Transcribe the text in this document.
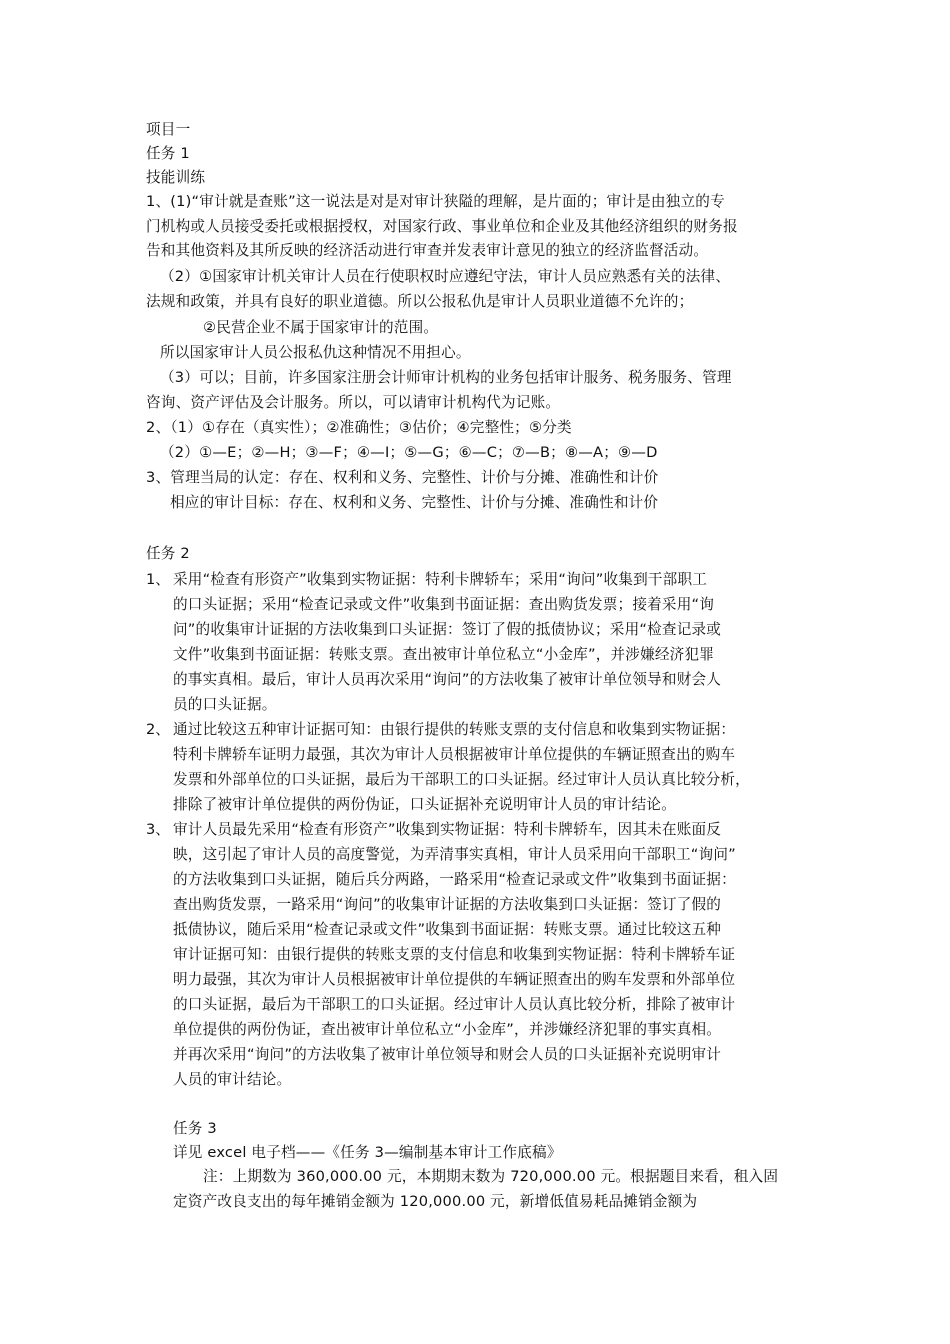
项目一
任务 1
技能训练
1、(1)“审计就是查账”这一说法是对是对审计狭隘的理解，是片面的；审计是由独立的专
门机构或人员接受委托或根据授权，对国家行政、事业单位和企业及其他经济组织的财务报
告和其他资料及其所反映的经济活动进行审查并发表审计意见的独立的经济监督活动。
（2）①国家审计机关审计人员在行使职权时应遵纪守法，审计人员应熟悉有关的法律、
法规和政策，并具有良好的职业道德。所以公报私仇是审计人员职业道德不允许的；
②民营企业不属于国家审计的范围。
所以国家审计人员公报私仇这种情况不用担心。
（3）可以；目前，许多国家注册会计师审计机构的业务包括审计服务、税务服务、管理
咨询、资产评估及会计服务。所以，可以请审计机构代为记账。
2、（1）①存在（真实性）；②准确性；③估价；④完整性；⑤分类
（2）①—E；②—H；③—F；④—I；⑤—G；⑥—C；⑦—B；⑧—A；⑨—D
3、管理当局的认定：存在、权利和义务、完整性、计价与分摊、准确性和计价
相应的审计目标：存在、权利和义务、完整性、计价与分摊、准确性和计价
任务 2
1、 采用“检查有形资产”收集到实物证据：特利卡牌轿车；采用“询问”收集到干部职工
的口头证据；采用“检查记录或文件”收集到书面证据：查出购货发票；接着采用“询
问”的收集审计证据的方法收集到口头证据：签订了假的抵债协议；采用“检查记录或
文件”收集到书面证据：转账支票。查出被审计单位私立“小金库”，并涉嫌经济犯罪
的事实真相。最后，审计人员再次采用“询问”的方法收集了被审计单位领导和财会人
员的口头证据。
2、 通过比较这五种审计证据可知：由银行提供的转账支票的支付信息和收集到实物证据：
特利卡牌轿车证明力最强，其次为审计人员根据被审计单位提供的车辆证照查出的购车
发票和外部单位的口头证据，最后为干部职工的口头证据。经过审计人员认真比较分析，
排除了被审计单位提供的两份伪证，口头证据补充说明审计人员的审计结论。
3、 审计人员最先采用“检查有形资产”收集到实物证据：特利卡牌轿车，因其未在账面反
映，这引起了审计人员的高度警觉，为弄清事实真相，审计人员采用向干部职工“询问”
的方法收集到口头证据，随后兵分两路，一路采用“检查记录或文件”收集到书面证据：
查出购货发票，一路采用“询问”的收集审计证据的方法收集到口头证据：签订了假的
抵债协议，随后采用“检查记录或文件”收集到书面证据：转账支票。通过比较这五种
审计证据可知：由银行提供的转账支票的支付信息和收集到实物证据：特利卡牌轿车证
明力最强，其次为审计人员根据被审计单位提供的车辆证照查出的购车发票和外部单位
的口头证据，最后为干部职工的口头证据。经过审计人员认真比较分析，排除了被审计
单位提供的两份伪证，查出被审计单位私立“小金库”，并涉嫌经济犯罪的事实真相。
并再次采用“询问”的方法收集了被审计单位领导和财会人员的口头证据补充说明审计
人员的审计结论。
任务 3
详见 excel 电子档——《任务 3—编制基本审计工作底稿》
注：上期数为 360,000.00 元，本期期末数为 720,000.00 元。根据题目来看，租入固
定资产改良支出的每年摊销金额为 120,000.00 元，新增低值易耗品摊销金额为
